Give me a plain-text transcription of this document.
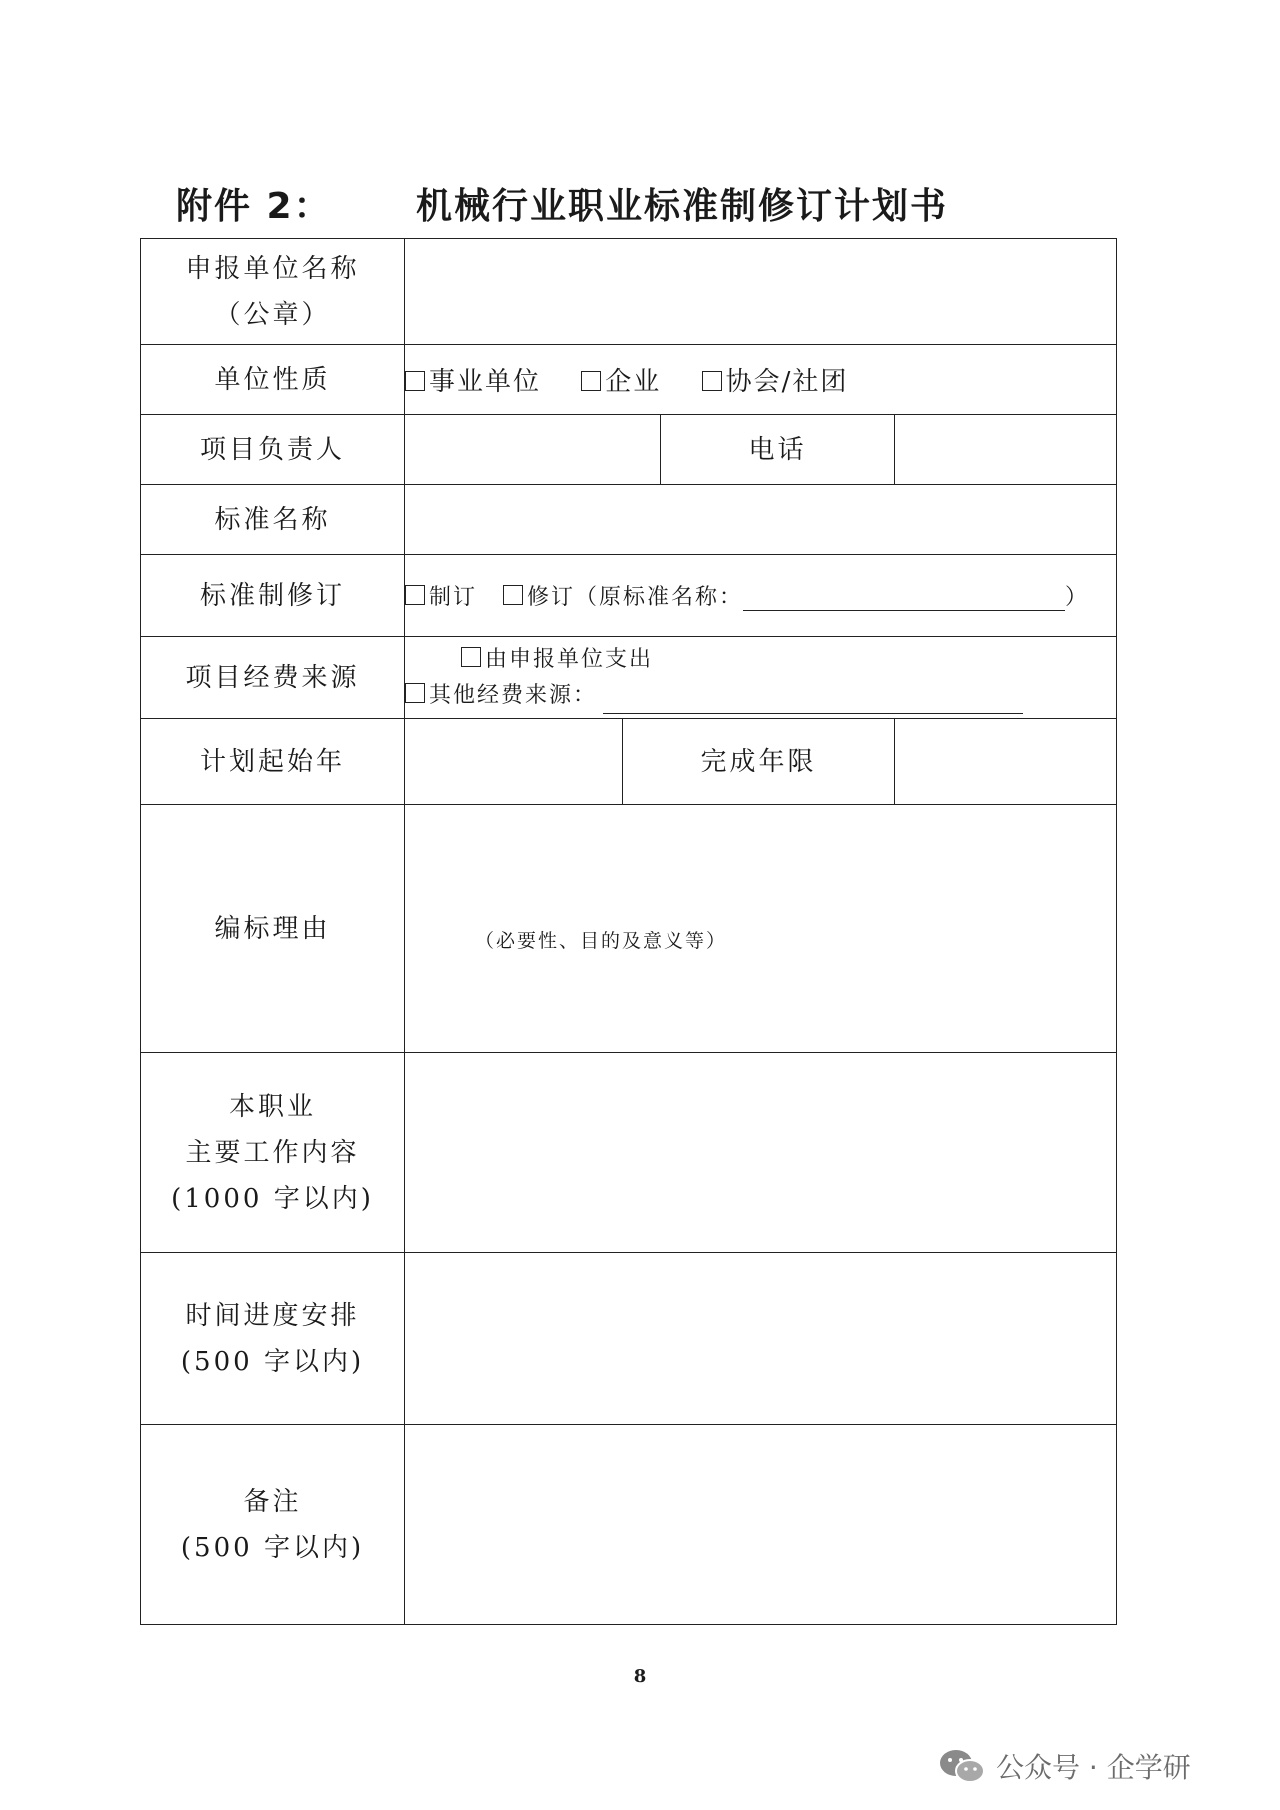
附件 2： 机械行业职业标准制修订计划书
申报单位名称
（公章）				

单位性质	事业单位 企业 协会/社团			
项目负责人			电话	
标准名称				
标准制修订	制订 修订（原标准名称： ）			
项目经费来源	由申报单位支出
其他经费来源：			

计划起始年		完成年限		
编标理由	（必要性、目的及意义等）			

本职业
主要工作内容
(1000 字以内)				

时间进度安排
(500 字以内)				

备注
(500 字以内)				

8
公众号 · 企学研
